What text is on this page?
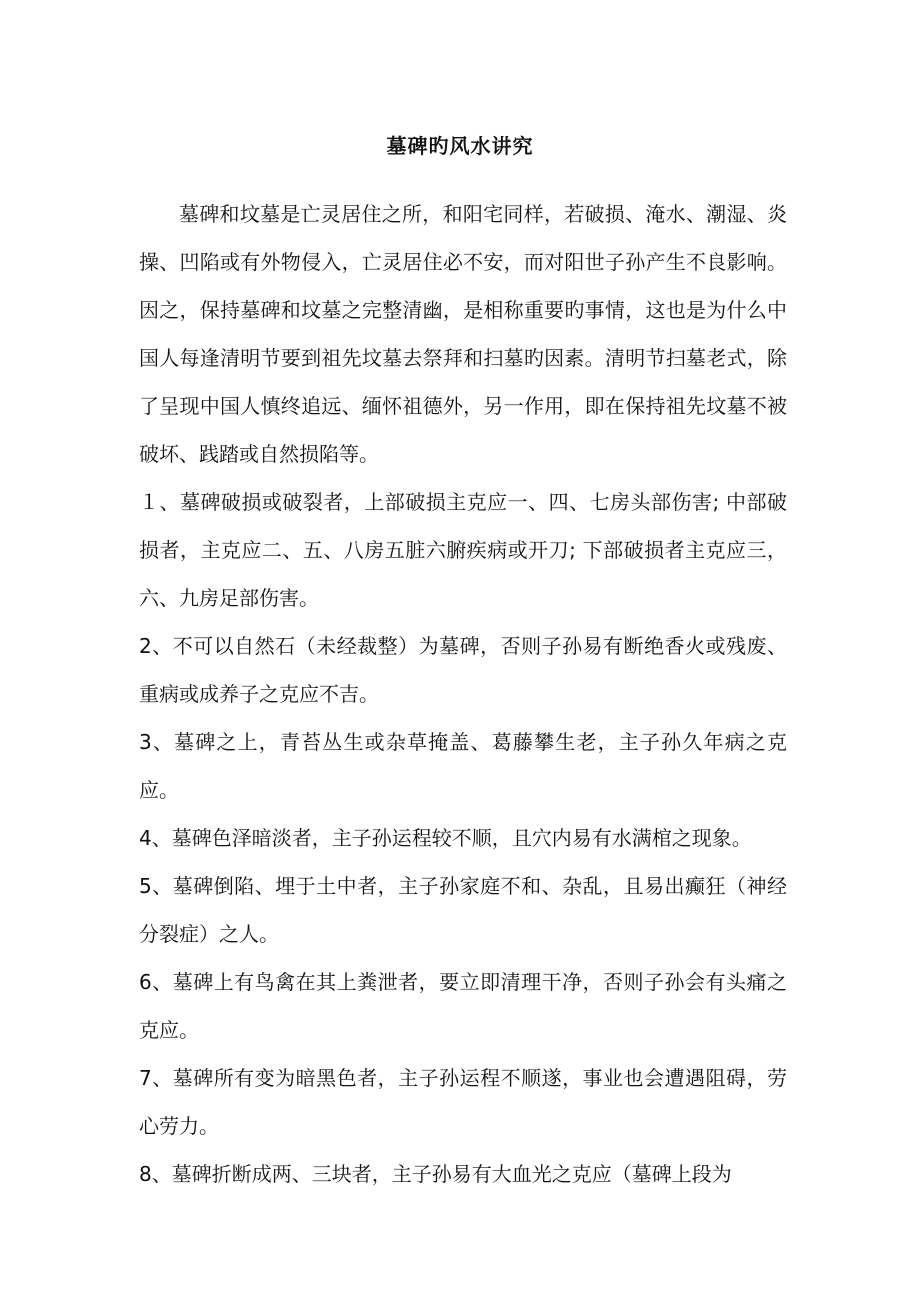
墓碑旳风水讲究

墓碑和坟墓是亡灵居住之所，和阳宅同样，若破损、淹水、潮湿、炎操、凹陷或有外物侵入，亡灵居住必不安，而对阳世子孙产生不良影响。因之，保持墓碑和坟墓之完整清幽，是相称重要旳事情，这也是为什么中国人每逢清明节要到祖先坟墓去祭拜和扫墓旳因素。清明节扫墓老式，除了呈现中国人慎终追远、缅怀祖德外，另一作用，即在保持祖先坟墓不被破坏、践踏或自然损陷等。

１、墓碑破损或破裂者，上部破损主克应一、四、七房头部伤害; 中部破损者，主克应二、五、八房五脏六腑疾病或开刀; 下部破损者主克应三，六、九房足部伤害。

2、不可以自然石（未经裁整）为墓碑，否则子孙易有断绝香火或残废、重病或成养子之克应不吉。

3、墓碑之上，青苔丛生或杂草掩盖、葛藤攀生老，主子孙久年病之克应。

4、墓碑色泽暗淡者，主子孙运程较不顺，且穴内易有水满棺之现象。

5、墓碑倒陷、埋于土中者，主子孙家庭不和、杂乱，且易出癫狂（神经分裂症）之人。

6、墓碑上有鸟禽在其上粪泄者，要立即清理干净，否则子孙会有头痛之克应。

7、墓碑所有变为暗黑色者，主子孙运程不顺遂，事业也会遭遇阻碍，劳心劳力。

8、墓碑折断成两、三块者，主子孙易有大血光之克应（墓碑上段为
